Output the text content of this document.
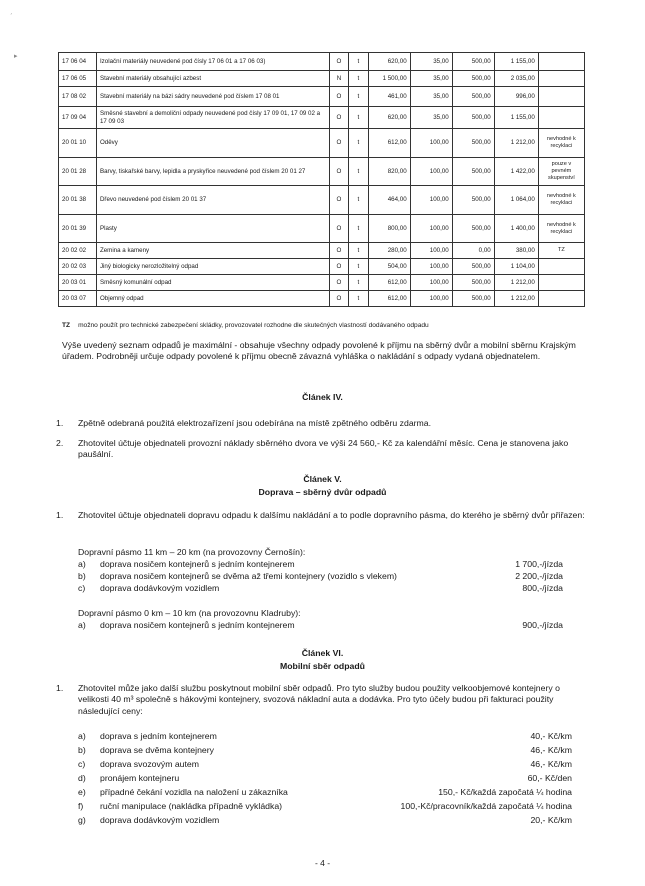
ˊ
▸
17 06 04	Izolační materiály neuvedené pod čísly 17 06 01 a 17 06 03)	O	t	620,00	35,00	500,00	1 155,00	
17 06 05	Stavební materiály obsahující azbest	N	t	1 500,00	35,00	500,00	2 035,00	
17 08 02	Stavební materiály na bázi sádry neuvedené pod číslem 17 08 01	O	t	461,00	35,00	500,00	996,00	
17 09 04	Směsné stavební a demoliční odpady neuvedené pod čísly 17 09 01, 17 09 02 a 17 09 03	O	t	620,00	35,00	500,00	1 155,00	
20 01 10	Oděvy	O	t	612,00	100,00	500,00	1 212,00	nevhodné k recyklaci
20 01 28	Barvy, tiskařské barvy, lepidla a pryskyřice neuvedené pod číslem 20 01 27	O	t	820,00	100,00	500,00	1 422,00	pouze v pevném skupenství
20 01 38	Dřevo neuvedené pod číslem 20 01 37	O	t	464,00	100,00	500,00	1 064,00	nevhodné k recyklaci
20 01 39	Plasty	O	t	800,00	100,00	500,00	1 400,00	nevhodné k recyklaci
20 02 02	Zemina a kameny	O	t	280,00	100,00	0,00	380,00	TZ
20 02 03	Jiný biologicky nerozložitelný odpad	O	t	504,00	100,00	500,00	1 104,00	
20 03 01	Směsný komunální odpad	O	t	612,00	100,00	500,00	1 212,00	
20 03 07	Objemný odpad	O	t	612,00	100,00	500,00	1 212,00	
TZ možno použít pro technické zabezpečení skládky, provozovatel rozhodne dle skutečných vlastností dodávaného odpadu
Výše uvedený seznam odpadů je maximální - obsahuje všechny odpady povolené k příjmu na sběrný dvůr a mobilní sběrnu Krajským úřadem. Podrobněji určuje odpady povolené k příjmu obecně závazná vyhláška o nakládání s odpady vydaná objednatelem.
Článek IV.
1. Zpětně odebraná použitá elektrozařízení jsou odebírána na místě zpětného odběru zdarma.
2. Zhotovitel účtuje objednateli provozní náklady sběrného dvora ve výši 24 560,- Kč za kalendářní měsíc. Cena je stanovena jako paušální.
Článek V.
Doprava – sběrný dvůr odpadů
1. Zhotovitel účtuje objednateli dopravu odpadu k dalšímu nakládání a to podle dopravního pásma, do kterého je sběrný dvůr přiřazen:
Dopravní pásmo 11 km – 20 km (na provozovny Černošín):
a) doprava nosičem kontejnerů s jedním kontejnerem	1 700,-/jízda
b) doprava nosičem kontejnerů se dvěma až třemi kontejnery (vozidlo s vlekem)	2 200,-/jízda
c) doprava dodávkovým vozidlem	800,-/jízda
Dopravní pásmo 0 km – 10 km (na provozovnu Kladruby):
a) doprava nosičem kontejnerů s jedním kontejnerem	900,-/jízda
Článek VI.
Mobilní sběr odpadů
1. Zhotovitel může jako další službu poskytnout mobilní sběr odpadů. Pro tyto služby budou použity velkoobjemové kontejnery o velikosti 40 m³ společně s hákovými kontejnery, svozová nákladní auta a dodávka. Pro tyto účely budou při fakturaci použity následující ceny:
a) doprava s jedním kontejnerem	40,- Kč/km
b) doprava se dvěma kontejnery	46,- Kč/km
c) doprava svozovým autem	46,- Kč/km
d) pronájem kontejneru	60,- Kč/den
e) případné čekání vozidla na naložení u zákazníka	150,- Kč/každá započatá ¼ hodina
f) ruční manipulace (nakládka případně vykládka)	100,-Kč/pracovník/každá započatá ¼ hodina
g) doprava dodávkovým vozidlem	20,- Kč/km
- 4 -
